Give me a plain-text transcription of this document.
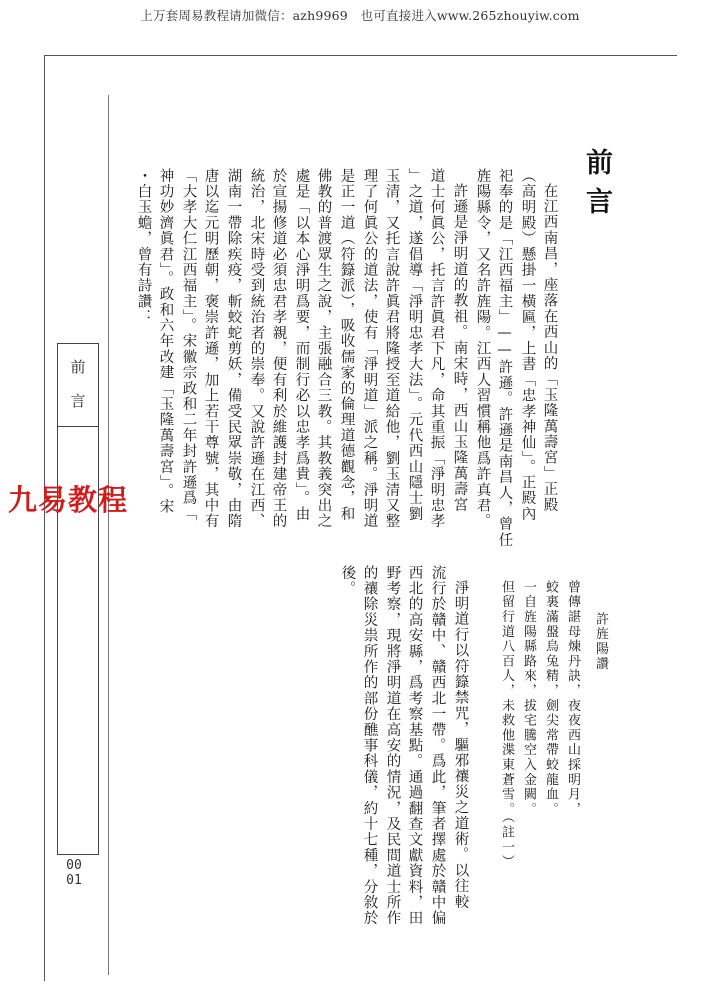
上万套周易教程请加微信：azh9969　也可直接进入www.265zhouyiw.com
前
言
九易教程
0001
前言
在江西南昌，座落在西山的「玉隆萬壽宮」正殿
（高明殿）懸掛一橫匾，上書「忠孝神仙」。正殿內
祀奉的是「江西福主」——許遜。許遜是南昌人，曾任
旌陽縣令，又名許旌陽。江西人習慣稱他爲許真君。
許遜是淨明道的教祖。南宋時，西山玉隆萬壽宮
道士何眞公，托言許眞君下凡，命其重振「淨明忠孝
」之道，遂倡導「淨明忠孝大法」。元代西山隱士劉
玉清，又托言說許眞君將隆授至道給他，劉玉清又整
理了何眞公的道法，使有「淨明道」派之稱。淨明道
是正一道（符籙派），吸收儒家的倫理道德觀念，和
佛教的普渡眾生之說，主張融合三教。其教義突出之
處是「以本心淨明爲要，而制行必以忠孝爲貴」。由
於宣揚修道必須忠君孝親，便有利於維護封建帝王的
統治，北宋時受到統治者的崇奉。又說許遜在江西、
湖南一帶除疾疫，斬蛟蛇剪妖，備受民眾崇敬，由隋
唐以迄元明歷朝，褒崇許遜，加上若干尊號，其中有
「大孝大仁江西福主」。宋徽宗政和二年封許遜爲「
神功妙濟眞君」。政和六年改建「玉隆萬壽宮」。宋
・白玉蟾，曾有詩讚：
許旌陽讚
曾傳諶母煉丹訣，夜夜西山採明月，
蛟裏滿盤烏兔精，劍尖常帶蛟龍血。
一自旌陽縣路來，拔宅騰空入金闕。
但留行道八百人，未救他渫東蒼雪。（註一）
淨明道行以符籙禁咒，驅邪禳災之道術。以往較
流行於贛中、贛西北一帶。爲此，筆者擇處於贛中偏
西北的高安縣，爲考察基點。通過翻查文獻資料，田
野考察，現將淨明道在高安的情況，及民間道士所作
的禳除災祟所作的部份醮事科儀，約十七種，分敘於
後。
